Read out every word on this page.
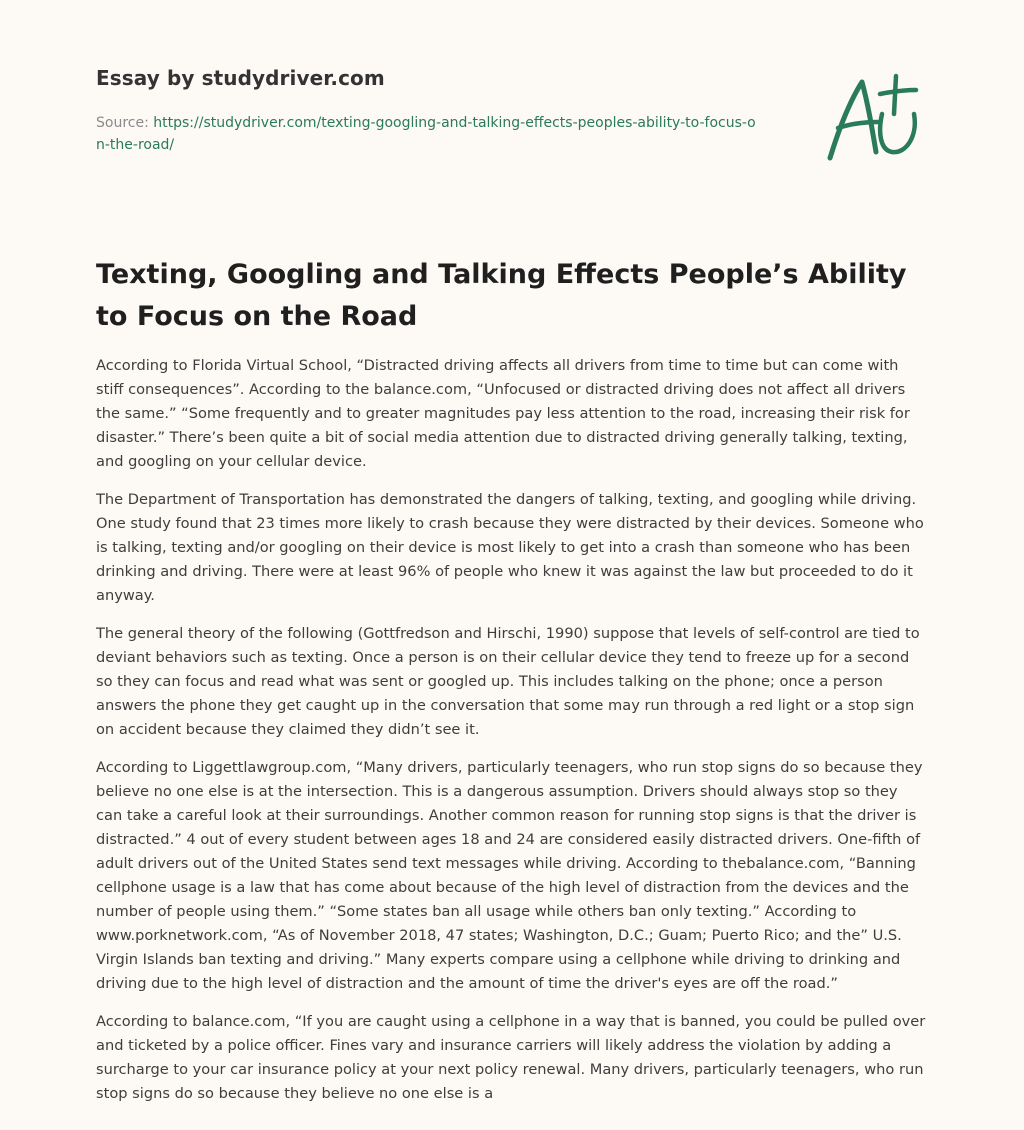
Essay by studydriver.com
Source: https://studydriver.com/texting-googling-and-talking-effects-peoples-ability-to-focus-on-the-road/
Texting, Googling and Talking Effects People’s Ability to Focus on the Road

According to Florida Virtual School, “Distracted driving affects all drivers from time to time but can come with stiff consequences”. According to the balance.com, “Unfocused or distracted driving does not affect all drivers the same.” “Some frequently and to greater magnitudes pay less attention to the road, increasing their risk for disaster.” There’s been quite a bit of social media attention due to distracted driving generally talking, texting, and googling on your cellular device.

The Department of Transportation has demonstrated the dangers of talking, texting, and googling while driving. One study found that 23 times more likely to crash because they were distracted by their devices. Someone who is talking, texting and/or googling on their device is most likely to get into a crash than someone who has been drinking and driving. There were at least 96% of people who knew it was against the law but proceeded to do it anyway.

The general theory of the following (Gottfredson and Hirschi, 1990) suppose that levels of self-control are tied to deviant behaviors such as texting. Once a person is on their cellular device they tend to freeze up for a second so they can focus and read what was sent or googled up. This includes talking on the phone; once a person answers the phone they get caught up in the conversation that some may run through a red light or a stop sign on accident because they claimed they didn’t see it.

According to Liggettlawgroup.com, “Many drivers, particularly teenagers, who run stop signs do so because they believe no one else is at the intersection. This is a dangerous assumption. Drivers should always stop so they can take a careful look at their surroundings. Another common reason for running stop signs is that the driver is distracted.” 4 out of every student between ages 18 and 24 are considered easily distracted drivers. One-fifth of adult drivers out of the United States send text messages while driving. According to thebalance.com, “Banning cellphone usage is a law that has come about because of the high level of distraction from the devices and the number of people using them.” “Some states ban all usage while others ban only texting.” According to www.porknetwork.com, “As of November 2018, 47 states; Washington, D.C.; Guam; Puerto Rico; and the” U.S. Virgin Islands ban texting and driving.” Many experts compare using a cellphone while driving to drinking and driving due to the high level of distraction and the amount of time the driver's eyes are off the road.”

According to balance.com, “If you are caught using a cellphone in a way that is banned, you could be pulled over and ticketed by a police officer. Fines vary and insurance carriers will likely address the violation by adding a surcharge to your car insurance policy at your next policy renewal. Many drivers, particularly teenagers, who run stop signs do so because they believe no one else is a
